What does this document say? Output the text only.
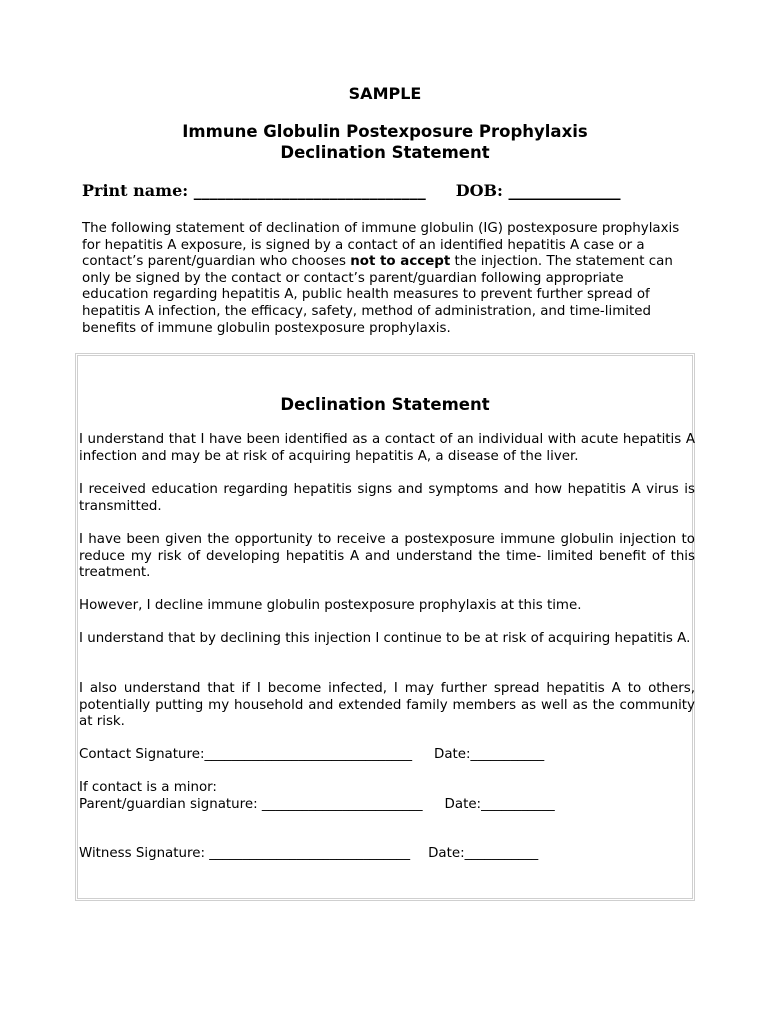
SAMPLE
Immune Globulin Postexposure Prophylaxis
Declination Statement
Print name: _____________________________ DOB: ______________

The following statement of declination of immune globulin (IG) postexposure prophylaxis for hepatitis A exposure, is signed by a contact of an identified hepatitis A case or a contact’s parent/guardian who chooses not to accept the injection. The statement can only be signed by the contact or contact’s parent/guardian following appropriate education regarding hepatitis A, public health measures to prevent further spread of hepatitis A infection, the efficacy, safety, method of administration, and time-limited benefits of immune globulin postexposure prophylaxis.

Declination Statement

I understand that I have been identified as a contact of an individual with acute hepatitis A infection and may be at risk of acquiring hepatitis A, a disease of the liver.

I received education regarding hepatitis signs and symptoms and how hepatitis A virus is transmitted.

I have been given the opportunity to receive a postexposure immune globulin injection to reduce my risk of developing hepatitis A and understand the time- limited benefit of this treatment.

However, I decline immune globulin postexposure prophylaxis at this time.

I understand that by declining this injection I continue to be at risk of acquiring hepatitis A.

I also understand that if I become infected, I may further spread hepatitis A to others, potentially putting my household and extended family members as well as the community at risk.

Contact Signature:_______________________________ Date:___________

If contact is a minor:

Parent/guardian signature: ________________________ Date:___________

Witness Signature: ______________________________ Date:___________
